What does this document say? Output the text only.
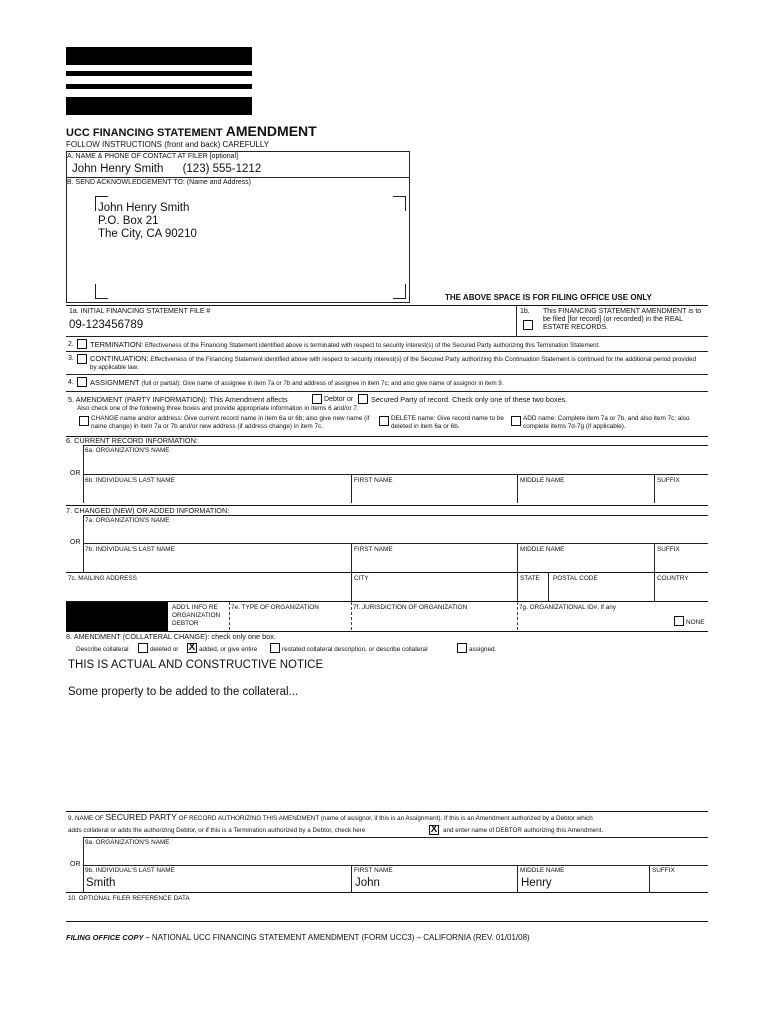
UCC FINANCING STATEMENT AMENDMENT
FOLLOW INSTRUCTIONS (front and back) CAREFULLY
A. NAME & PHONE OF CONTACT AT FILER [optional]
John Henry Smith      (123) 555-1212
B. SEND ACKNOWLEDGEMENT TO: (Name and Address)
John Henry Smith
P.O. Box 21
The City, CA 90210
THE ABOVE SPACE IS FOR FILING OFFICE USE ONLY
1a. INITIAL FINANCING STATEMENT FILE #
09-123456789
1b. This FINANCING STATEMENT AMENDMENT is to be filed [for record] (or recorded) in the REAL ESTATE RECORDS.
2. TERMINATION: Effectiveness of the Financing Statement identified above is terminated with respect to security interest(s) of the Secured Party authorizing this Termination Statement.
3. CONTINUATION: Effectiveness of the Financing Statement identified above with respect to security interest(s) of the Secured Party authorizing this Continuation Statement is continued for the additional period provided by applicable law.
4. ASSIGNMENT (full or partial): Give name of assignee in item 7a or 7b and address of assignee in item 7c; and also give name of assignor in item 9.
5. AMENDMENT (PARTY INFORMATION): This Amendment affects	Debtor or Secured Party of record. Check only one of these two boxes.
Also check one of the following three boxes and provide appropriate information in items 6 and/or 7.
CHANGE name and/or address: Give current record name in item 6a or 6b; also give new name (if name change) in item 7a or 7b and/or new address (if address change) in item 7c.
DELETE name: Give record name to be deleted in item 6a or 6b.
ADD name: Complete item 7a or 7b, and also item 7c; also complete items 7d-7g (if applicable).
6. CURRENT RECORD INFORMATION:
6a. ORGANIZATION'S NAME
OR
6b. INDIVIDUAL'S LAST NAME	FIRST NAME	MIDDLE NAME	SUFFIX
7. CHANGED (NEW) OR ADDED INFORMATION:
7a. ORGANIZATION'S NAME
OR
7b. INDIVIDUAL'S LAST NAME	FIRST NAME	MIDDLE NAME	SUFFIX
7c. MAILING ADDRESS	CITY	STATE POSTAL CODE	COUNTRY
ADD'L INFO RE
ORGANIZATION
DEBTOR
7e. TYPE OF ORGANIZATION	7f. JURISDICTION OF ORGANIZATION	7g. ORGANIZATIONAL ID#, if any
NONE
8. AMENDMENT (COLLATERAL CHANGE): check only one box.
Describe collateral	deleted or X added, or give entire	restated collateral description, or describe collateral	assigned.
THIS IS ACTUAL AND CONSTRUCTIVE NOTICE
Some property to be added to the collateral...
9. NAME OF SECURED PARTY OF RECORD AUTHORIZING THIS AMENDMENT (name of assignor, if this is an Assignment). If this is an Amendment authorized by a Debtor which
adds collateral or adds the authorizing Debtor, or if this is a Termination authorized by a Debtor, check here	X and enter name of DEBTOR authorizing this Amendment.
9a. ORGANIZATION'S NAME
OR
9b. INDIVIDUAL'S LAST NAME
Smith
FIRST NAME
John
MIDDLE NAME
Henry
SUFFIX
10. OPTIONAL FILER REFERENCE DATA
FILING OFFICE COPY – NATIONAL UCC FINANCING STATEMENT AMENDMENT (FORM UCC3) – CALIFORNIA (REV. 01/01/08)
